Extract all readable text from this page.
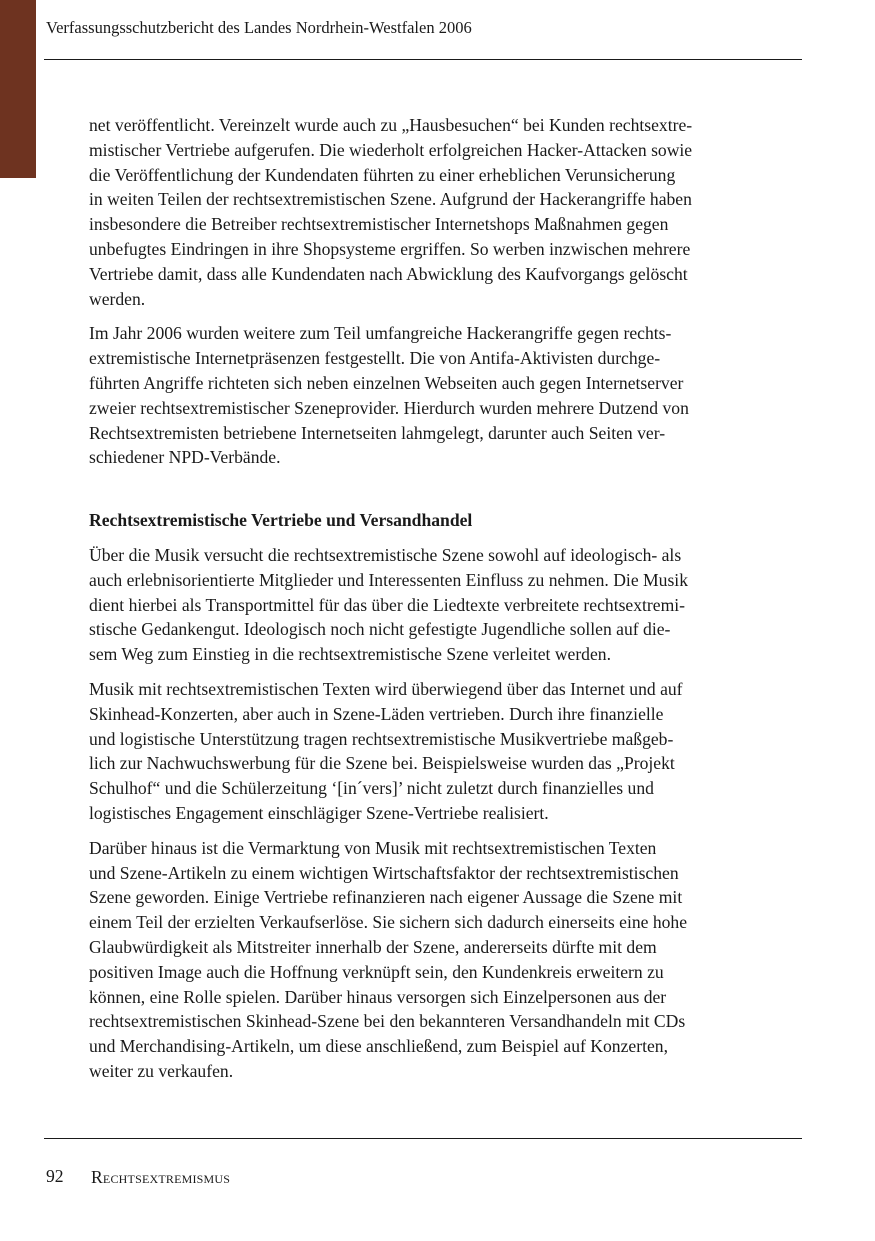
Verfassungsschutzbericht des Landes Nordrhein-Westfalen 2006

net veröffentlicht. Vereinzelt wurde auch zu „Hausbesuchen“ bei Kunden rechtsextre-
mistischer Vertriebe aufgerufen. Die wiederholt erfolgreichen Hacker-Attacken sowie
die Veröffentlichung der Kundendaten führten zu einer erheblichen Verunsicherung
in weiten Teilen der rechtsextremistischen Szene. Aufgrund der Hackerangriffe haben
insbesondere die Betreiber rechtsextremistischer Internetshops Maßnahmen gegen
unbefugtes Eindringen in ihre Shopsysteme ergriffen. So werben inzwischen mehrere
Vertriebe damit, dass alle Kundendaten nach Abwicklung des Kaufvorgangs gelöscht
werden.

Im Jahr 2006 wurden weitere zum Teil umfangreiche Hackerangriffe gegen rechts-
extremistische Internetpräsenzen festgestellt. Die von Antifa-Aktivisten durchge-
führten Angriffe richteten sich neben einzelnen Webseiten auch gegen Internetserver
zweier rechtsextremistischer Szeneprovider. Hierdurch wurden mehrere Dutzend von
Rechtsextremisten betriebene Internetseiten lahmgelegt, darunter auch Seiten ver-
schiedener NPD-Verbände.

Rechtsextremistische Vertriebe und Versandhandel

Über die Musik versucht die rechtsextremistische Szene sowohl auf ideologisch- als
auch erlebnisorientierte Mitglieder und Interessenten Einfluss zu nehmen. Die Musik
dient hierbei als Transportmittel für das über die Liedtexte verbreitete rechtsextremi-
stische Gedankengut. Ideologisch noch nicht gefestigte Jugendliche sollen auf die-
sem Weg zum Einstieg in die rechtsextremistische Szene verleitet werden.

Musik mit rechtsextremistischen Texten wird überwiegend über das Internet und auf
Skinhead-Konzerten, aber auch in Szene-Läden vertrieben. Durch ihre finanzielle
und logistische Unterstützung tragen rechtsextremistische Musikvertriebe maßgeb-
lich zur Nachwuchswerbung für die Szene bei. Beispielsweise wurden das „Projekt
Schulhof“ und die Schülerzeitung ‘[in´vers]’ nicht zuletzt durch finanzielles und
logistisches Engagement einschlägiger Szene-Vertriebe realisiert.

Darüber hinaus ist die Vermarktung von Musik mit rechtsextremistischen Texten
und Szene-Artikeln zu einem wichtigen Wirtschaftsfaktor der rechtsextremistischen
Szene geworden. Einige Vertriebe refinanzieren nach eigener Aussage die Szene mit
einem Teil der erzielten Verkaufserlöse. Sie sichern sich dadurch einerseits eine hohe
Glaubwürdigkeit als Mitstreiter innerhalb der Szene, andererseits dürfte mit dem
positiven Image auch die Hoffnung verknüpft sein, den Kundenkreis erweitern zu
können, eine Rolle spielen. Darüber hinaus versorgen sich Einzelpersonen aus der
rechtsextremistischen Skinhead-Szene bei den bekannteren Versandhandeln mit CDs
und Merchandising-Artikeln, um diese anschließend, zum Beispiel auf Konzerten,
weiter zu verkaufen.

92 Rechtsextremismus
